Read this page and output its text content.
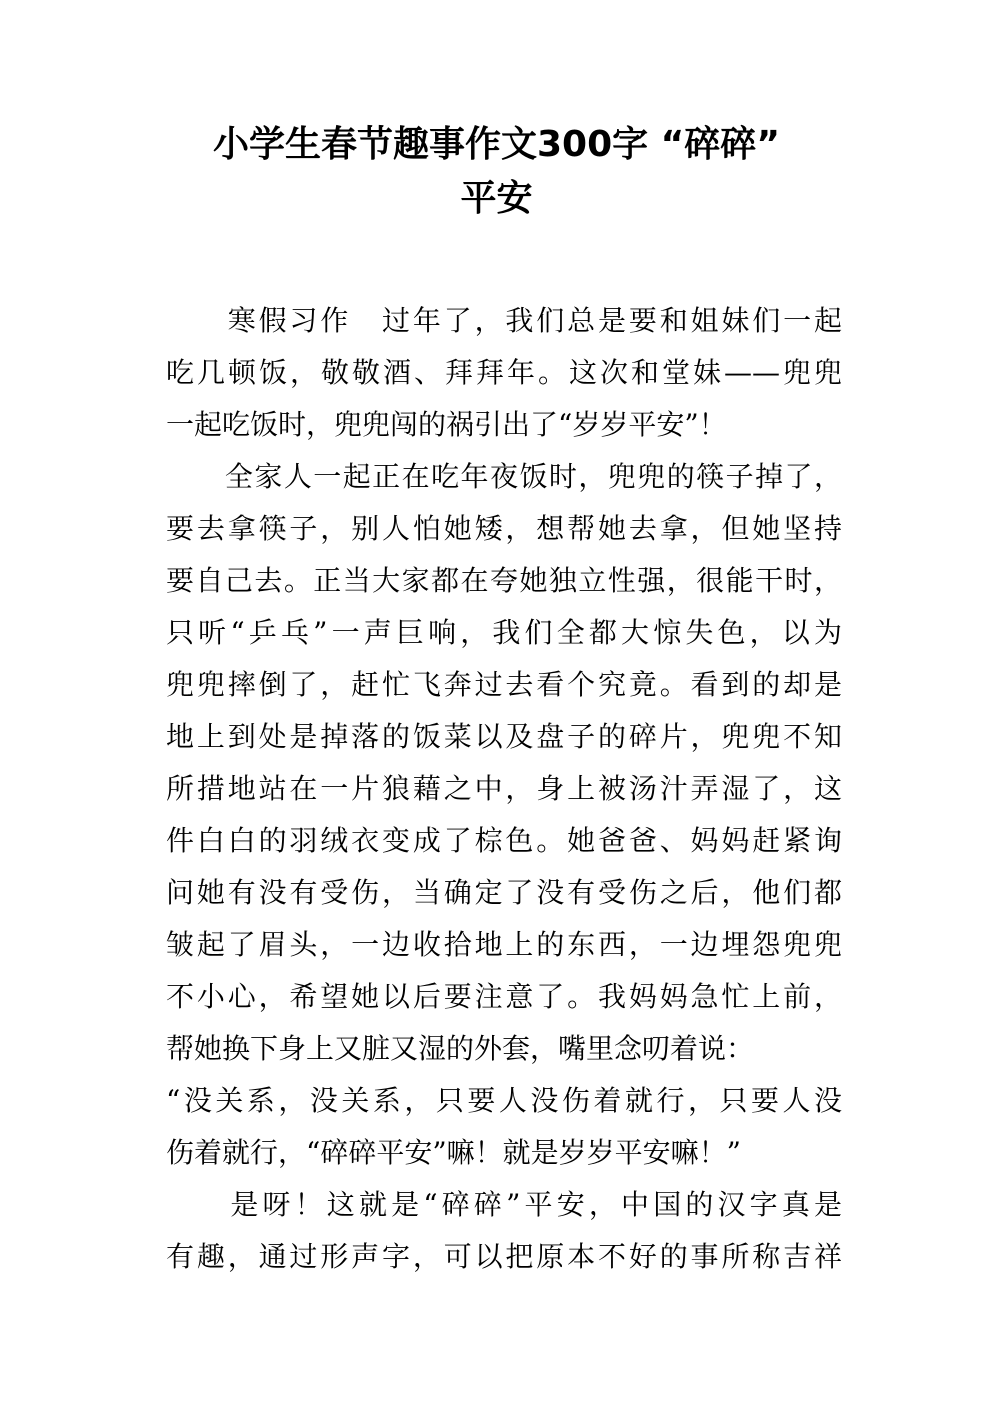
小学生春节趣事作文300字 “碎碎”
平安
　　寒假习作　过年了，我们总是要和姐妹们一起
吃几顿饭，敬敬酒、拜拜年。这次和堂妹——兜兜
一起吃饭时，兜兜闯的祸引出了“岁岁平安”！
　　全家人一起正在吃年夜饭时，兜兜的筷子掉了，
要去拿筷子，别人怕她矮，想帮她去拿，但她坚持
要自己去。正当大家都在夸她独立性强，很能干时，
只听“乒乓”一声巨响，我们全都大惊失色，以为
兜兜摔倒了，赶忙飞奔过去看个究竟。看到的却是
地上到处是掉落的饭菜以及盘子的碎片，兜兜不知
所措地站在一片狼藉之中，身上被汤汁弄湿了，这
件白白的羽绒衣变成了棕色。她爸爸、妈妈赶紧询
问她有没有受伤，当确定了没有受伤之后，他们都
皱起了眉头，一边收拾地上的东西，一边埋怨兜兜
不小心，希望她以后要注意了。我妈妈急忙上前，
帮她换下身上又脏又湿的外套，嘴里念叨着说：
“没关系，没关系，只要人没伤着就行，只要人没
伤着就行，“碎碎平安”嘛！就是岁岁平安嘛！”
　　是呀！这就是“碎碎”平安，中国的汉字真是
有趣，通过形声字，可以把原本不好的事所称吉祥
